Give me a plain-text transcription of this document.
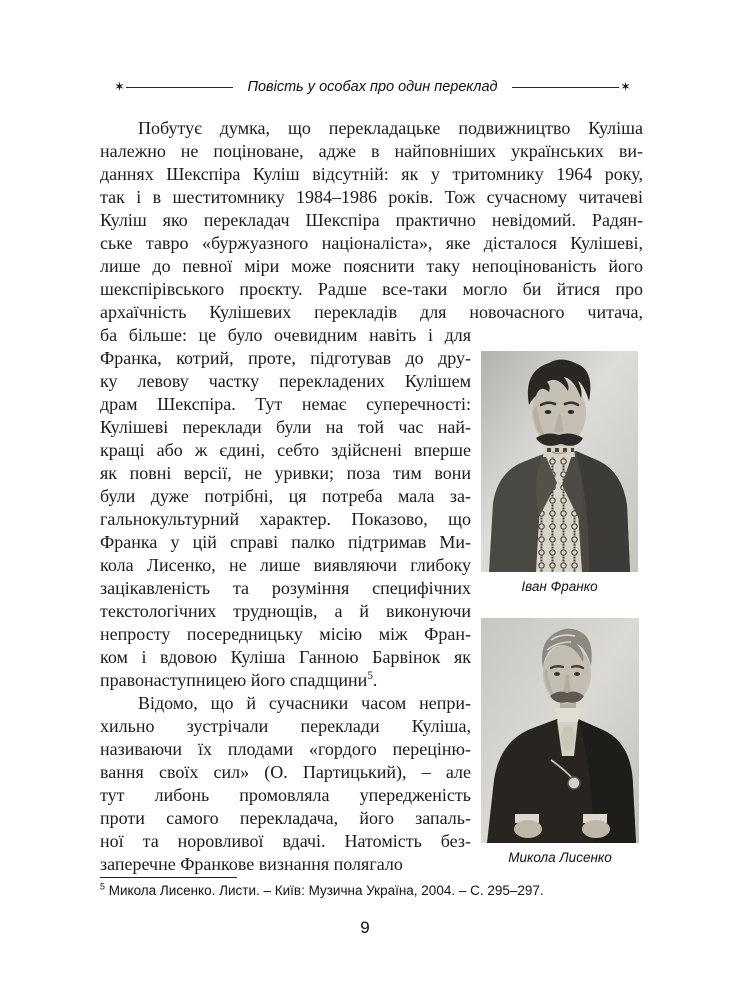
✶	Повість у особах про один переклад	✶
Побутує думка, що перекладацьке подвижництво Куліша
належно не поціноване, адже в найповніших українських ви-
даннях Шекспіра Куліш відсутній: як у тритомнику 1964 року,
так і в шеститомнику 1984–1986 років. Тож сучасному читачеві
Куліш яко перекладач Шекспіра практично невідомий. Радян-
ське тавро «буржуазного націоналіста», яке дісталося Кулішеві,
лише до певної міри може пояснити таку непоцінованість його
шекспірівського проєкту. Радше все-таки могло би йтися про
архаїчність Кулішевих перекладів для новочасного читача,
ба більше: це було очевидним навіть і для
Франка, котрий, проте, підготував до дру-
ку левову частку перекладених Кулішем
драм Шекспіра. Тут немає суперечності:
Кулішеві переклади були на той час най-
кращі або ж єдині, себто здійснені вперше
як повні версії, не уривки; поза тим вони
були дуже потрібні, ця потреба мала за-
гальнокультурний характер. Показово, що
Франка у цій справі палко підтримав Ми-
кола Лисенко, не лише виявляючи глибоку
зацікавленість та розуміння специфічних
текстологічних труднощів, а й виконуючи
непросту посередницьку місію між Фран-
ком і вдовою Куліша Ганною Барвінок як
правонаступницею його спадщини$^5$.
Відомо, що й сучасники часом непри-
хильно зустрічали переклади Куліша,
називаючи їх плодами «гордого переціню-
вання своїх сил» (О. Партицький), – але
тут либонь промовляла упередженість
проти самого перекладача, його запаль-
ної та норовливої вдачі. Натомість без-
заперечне Франкове визнання полягало
Іван Франко
Микола Лисенко
$^5$ Микола Лисенко. Листи. – Київ: Музична Україна, 2004. – С. 295–297.
9
